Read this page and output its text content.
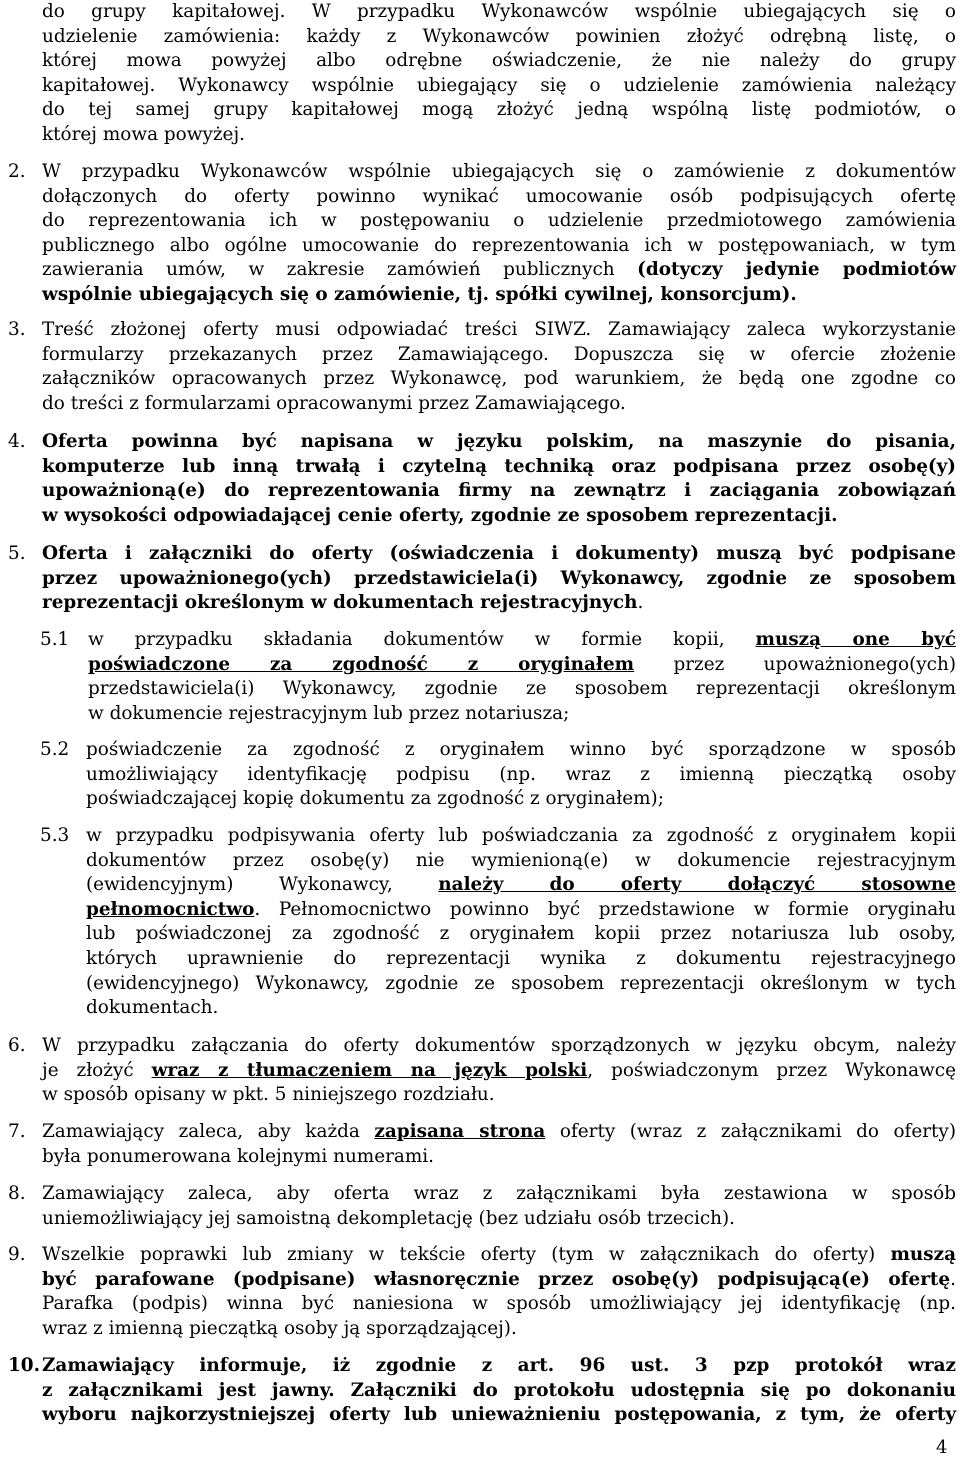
do grupy kapitałowej. W przypadku Wykonawców wspólnie ubiegających się o
udzielenie zamówienia: każdy z Wykonawców powinien złożyć odrębną listę, o
której mowa powyżej albo odrębne oświadczenie, że nie należy do grupy
kapitałowej. Wykonawcy wspólnie ubiegający się o udzielenie zamówienia należący
do tej samej grupy kapitałowej mogą złożyć jedną wspólną listę podmiotów, o
której mowa powyżej.
2. W przypadku Wykonawców wspólnie ubiegających się o zamówienie z dokumentów
dołączonych do oferty powinno wynikać umocowanie osób podpisujących ofertę
do reprezentowania ich w postępowaniu o udzielenie przedmiotowego zamówienia
publicznego albo ogólne umocowanie do reprezentowania ich w postępowaniach, w tym
zawierania umów, w zakresie zamówień publicznych (dotyczy jedynie podmiotów
wspólnie ubiegających się o zamówienie, tj. spółki cywilnej, konsorcjum).
3. Treść złożonej oferty musi odpowiadać treści SIWZ. Zamawiający zaleca wykorzystanie
formularzy przekazanych przez Zamawiającego. Dopuszcza się w ofercie złożenie
załączników opracowanych przez Wykonawcę, pod warunkiem, że będą one zgodne co
do treści z formularzami opracowanymi przez Zamawiającego.
4. Oferta powinna być napisana w języku polskim, na maszynie do pisania,
komputerze lub inną trwałą i czytelną techniką oraz podpisana przez osobę(y)
upoważnioną(e) do reprezentowania firmy na zewnątrz i zaciągania zobowiązań
w wysokości odpowiadającej cenie oferty, zgodnie ze sposobem reprezentacji.
5. Oferta i załączniki do oferty (oświadczenia i dokumenty) muszą być podpisane
przez upoważnionego(ych) przedstawiciela(i) Wykonawcy, zgodnie ze sposobem
reprezentacji określonym w dokumentach rejestracyjnych.
5.1 w przypadku składania dokumentów w formie kopii, muszą one być
poświadczone za zgodność z oryginałem przez upoważnionego(ych)
przedstawiciela(i) Wykonawcy, zgodnie ze sposobem reprezentacji określonym
w dokumencie rejestracyjnym lub przez notariusza;
5.2 poświadczenie za zgodność z oryginałem winno być sporządzone w sposób
umożliwiający identyfikację podpisu (np. wraz z imienną pieczątką osoby
poświadczającej kopię dokumentu za zgodność z oryginałem);
5.3 w przypadku podpisywania oferty lub poświadczania za zgodność z oryginałem kopii
dokumentów przez osobę(y) nie wymienioną(e) w dokumencie rejestracyjnym
(ewidencyjnym) Wykonawcy, należy do oferty dołączyć stosowne
pełnomocnictwo. Pełnomocnictwo powinno być przedstawione w formie oryginału
lub poświadczonej za zgodność z oryginałem kopii przez notariusza lub osoby,
których uprawnienie do reprezentacji wynika z dokumentu rejestracyjnego
(ewidencyjnego) Wykonawcy, zgodnie ze sposobem reprezentacji określonym w tych
dokumentach.
6. W przypadku załączania do oferty dokumentów sporządzonych w języku obcym, należy
je złożyć wraz z tłumaczeniem na język polski, poświadczonym przez Wykonawcę
w sposób opisany w pkt. 5 niniejszego rozdziału.
7. Zamawiający zaleca, aby każda zapisana strona oferty (wraz z załącznikami do oferty)
była ponumerowana kolejnymi numerami.
8. Zamawiający zaleca, aby oferta wraz z załącznikami była zestawiona w sposób
uniemożliwiający jej samoistną dekompletację (bez udziału osób trzecich).
9. Wszelkie poprawki lub zmiany w tekście oferty (tym w załącznikach do oferty) muszą
być parafowane (podpisane) własnoręcznie przez osobę(y) podpisującą(e) ofertę.
Parafka (podpis) winna być naniesiona w sposób umożliwiający jej identyfikację (np.
wraz z imienną pieczątką osoby ją sporządzającej).
10. Zamawiający informuje, iż zgodnie z art. 96 ust. 3 pzp protokół wraz
z załącznikami jest jawny. Załączniki do protokołu udostępnia się po dokonaniu
wyboru najkorzystniejszej oferty lub unieważnieniu postępowania, z tym, że oferty
4
